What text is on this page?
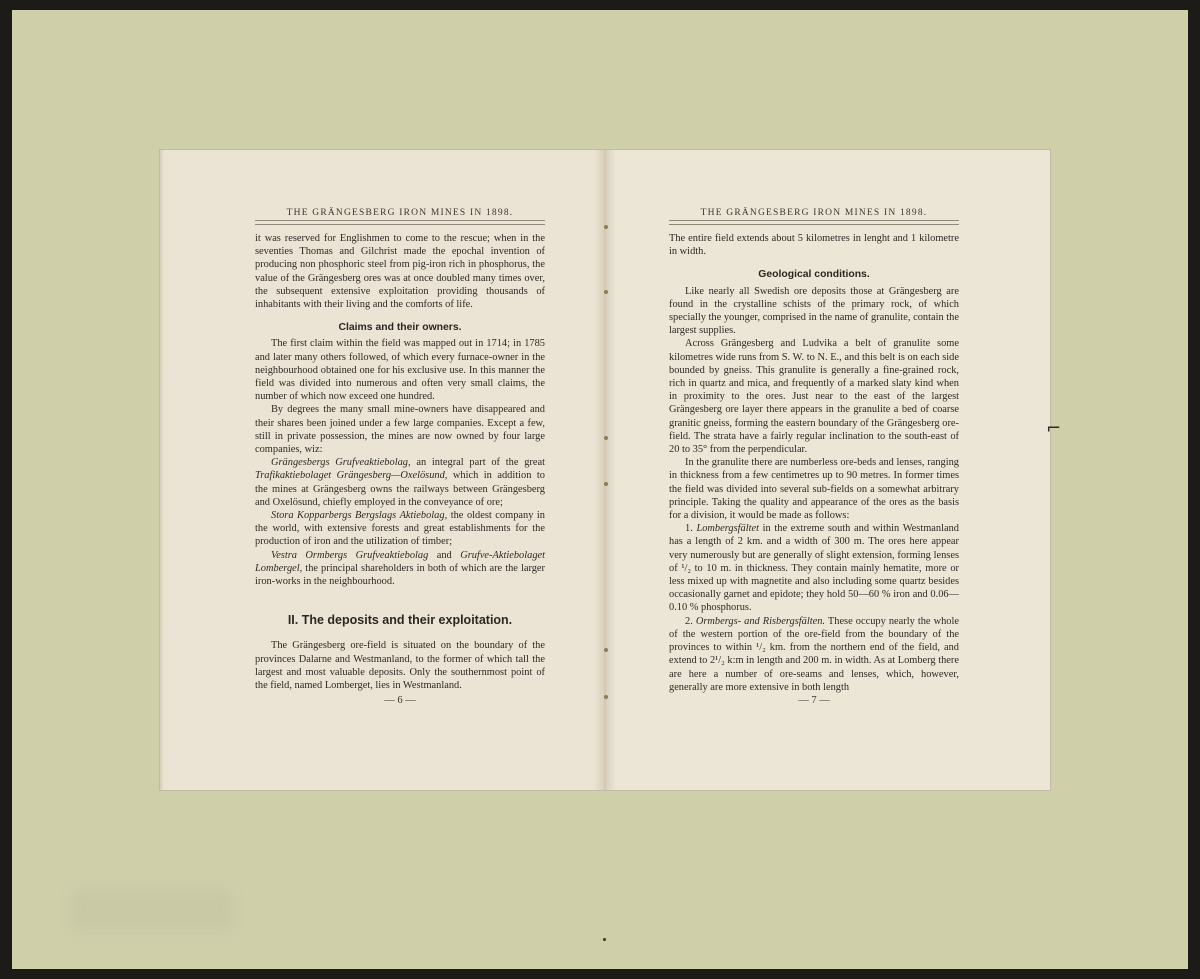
THE GRÄNGESBERG IRON MINES IN 1898.

it was reserved for Englishmen to come to the rescue; when in the seventies Thomas and Gilchrist made the epochal invention of producing non phosphoric steel from pig-iron rich in phosphorus, the value of the Grängesberg ores was at once doubled many times over, the subsequent extensive exploitation providing thousands of inhabitants with their living and the comforts of life.

Claims and their owners.

The first claim within the field was mapped out in 1714; in 1785 and later many others followed, of which every furnace-owner in the neighbourhood obtained one for his exclusive use. In this manner the field was divided into numerous and often very small claims, the number of which now exceed one hundred.

By degrees the many small mine-owners have disappeared and their shares been joined under a few large companies. Except a few, still in private possession, the mines are now owned by four large companies, wiz:

Grängesbergs Grufveaktiebolag, an integral part of the great Trafikaktiebolaget Grängesberg—Oxelösund, which in addition to the mines at Grängesberg owns the railways between Grängesberg and Oxelösund, chiefly employed in the conveyance of ore;

Stora Kopparbergs Bergslags Aktiebolag, the oldest company in the world, with extensive forests and great establishments for the production of iron and the utilization of timber;

Vestra Ormbergs Grufveaktiebolag and Grufve-Aktiebolaget Lombergel, the principal shareholders in both of which are the larger iron-works in the neighbourhood.

II. The deposits and their exploitation.

The Grängesberg ore-field is situated on the boundary of the provinces Dalarne and Westmanland, to the former of which tall the largest and most valuable deposits. Only the southernmost point of the field, named Lomberget, lies in Westmanland.

— 6 —
THE GRÄNGESBERG IRON MINES IN 1898.

The entire field extends about 5 kilometres in lenght and 1 kilometre in width.

Geological conditions.

Like nearly all Swedish ore deposits those at Grängesberg are found in the crystalline schists of the primary rock, of which specially the younger, comprised in the name of granulite, contain the largest supplies.

Across Grängesberg and Ludvika a belt of granulite some kilometres wide runs from S. W. to N. E., and this belt is on each side bounded by gneiss. This granulite is generally a fine-grained rock, rich in quartz and mica, and frequently of a marked slaty kind when in proximity to the ores. Just near to the east of the largest Grängesberg ore layer there appears in the granulite a bed of coarse granitic gneiss, forming the eastern boundary of the Grängesberg ore-field. The strata have a fairly regular inclination to the south-east of 20 to 35° from the perpendicular.

In the granulite there are numberless ore-beds and lenses, ranging in thickness from a few centimetres up to 90 metres. In former times the field was divided into several sub-fields on a somewhat arbitrary principle. Taking the quality and appearance of the ores as the basis for a division, it would be made as follows:

1. Lombergsfältet in the extreme south and within Westmanland has a length of 2 km. and a width of 300 m. The ores here appear very numerously but are generally of slight extension, forming lenses of ¹/₂ to 10 m. in thickness. They contain mainly hematite, more or less mixed up with magnetite and also including some quartz besides occasionally garnet and epidote; they hold 50—60 % iron and 0.06—0.10 % phosphorus.

2. Ormbergs- and Risbergsfälten. These occupy nearly the whole of the western portion of the ore-field from the boundary of the provinces to within ¹/₂ km. from the northern end of the field, and extend to 2¹/₂ k:m in length and 200 m. in width. As at Lomberg there are here a number of ore-seams and lenses, which, however, generally are more extensive in both length

— 7 —
⌐
